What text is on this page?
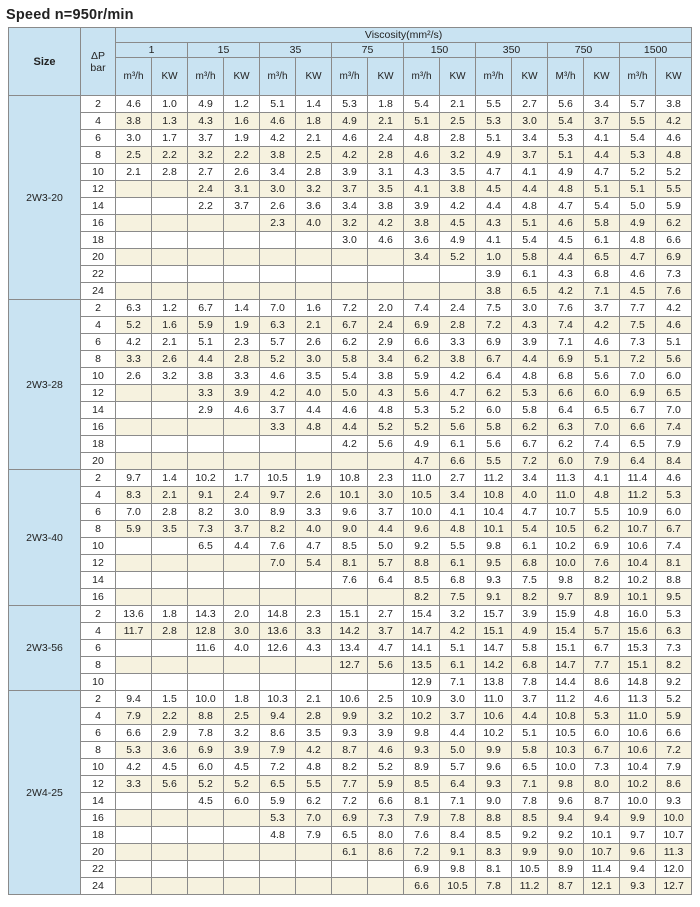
Speed n=950r/min
Size	ΔP
bar	Viscosity(mm²/s)															
		1		15		35		75		150		350		750		1500	
		m³/h	KW	m³/h	KW	m³/h	KW	m³/h	KW	m³/h	KW	m³/h	KW	M³/h	KW	m³/h	KW
2W3-20	2	4.6	1.0	4.9	1.2	5.1	1.4	5.3	1.8	5.4	2.1	5.5	2.7	5.6	3.4	5.7	3.8
	4	3.8	1.3	4.3	1.6	4.6	1.8	4.9	2.1	5.1	2.5	5.3	3.0	5.4	3.7	5.5	4.2
	6	3.0	1.7	3.7	1.9	4.2	2.1	4.6	2.4	4.8	2.8	5.1	3.4	5.3	4.1	5.4	4.6
	8	2.5	2.2	3.2	2.2	3.8	2.5	4.2	2.8	4.6	3.2	4.9	3.7	5.1	4.4	5.3	4.8
	10	2.1	2.8	2.7	2.6	3.4	2.8	3.9	3.1	4.3	3.5	4.7	4.1	4.9	4.7	5.2	5.2
	12			2.4	3.1	3.0	3.2	3.7	3.5	4.1	3.8	4.5	4.4	4.8	5.1	5.1	5.5
	14			2.2	3.7	2.6	3.6	3.4	3.8	3.9	4.2	4.4	4.8	4.7	5.4	5.0	5.9
	16					2.3	4.0	3.2	4.2	3.8	4.5	4.3	5.1	4.6	5.8	4.9	6.2
	18							3.0	4.6	3.6	4.9	4.1	5.4	4.5	6.1	4.8	6.6
	20									3.4	5.2	1.0	5.8	4.4	6.5	4.7	6.9
	22											3.9	6.1	4.3	6.8	4.6	7.3
	24											3.8	6.5	4.2	7.1	4.5	7.6
2W3-28	2	6.3	1.2	6.7	1.4	7.0	1.6	7.2	2.0	7.4	2.4	7.5	3.0	7.6	3.7	7.7	4.2
	4	5.2	1.6	5.9	1.9	6.3	2.1	6.7	2.4	6.9	2.8	7.2	4.3	7.4	4.2	7.5	4.6
	6	4.2	2.1	5.1	2.3	5.7	2.6	6.2	2.9	6.6	3.3	6.9	3.9	7.1	4.6	7.3	5.1
	8	3.3	2.6	4.4	2.8	5.2	3.0	5.8	3.4	6.2	3.8	6.7	4.4	6.9	5.1	7.2	5.6
	10	2.6	3.2	3.8	3.3	4.6	3.5	5.4	3.8	5.9	4.2	6.4	4.8	6.8	5.6	7.0	6.0
	12			3.3	3.9	4.2	4.0	5.0	4.3	5.6	4.7	6.2	5.3	6.6	6.0	6.9	6.5
	14			2.9	4.6	3.7	4.4	4.6	4.8	5.3	5.2	6.0	5.8	6.4	6.5	6.7	7.0
	16					3.3	4.8	4.4	5.2	5.2	5.6	5.8	6.2	6.3	7.0	6.6	7.4
	18							4.2	5.6	4.9	6.1	5.6	6.7	6.2	7.4	6.5	7.9
	20									4.7	6.6	5.5	7.2	6.0	7.9	6.4	8.4
2W3-40	2	9.7	1.4	10.2	1.7	10.5	1.9	10.8	2.3	11.0	2.7	11.2	3.4	11.3	4.1	11.4	4.6
	4	8.3	2.1	9.1	2.4	9.7	2.6	10.1	3.0	10.5	3.4	10.8	4.0	11.0	4.8	11.2	5.3
	6	7.0	2.8	8.2	3.0	8.9	3.3	9.6	3.7	10.0	4.1	10.4	4.7	10.7	5.5	10.9	6.0
	8	5.9	3.5	7.3	3.7	8.2	4.0	9.0	4.4	9.6	4.8	10.1	5.4	10.5	6.2	10.7	6.7
	10			6.5	4.4	7.6	4.7	8.5	5.0	9.2	5.5	9.8	6.1	10.2	6.9	10.6	7.4
	12					7.0	5.4	8.1	5.7	8.8	6.1	9.5	6.8	10.0	7.6	10.4	8.1
	14							7.6	6.4	8.5	6.8	9.3	7.5	9.8	8.2	10.2	8.8
	16									8.2	7.5	9.1	8.2	9.7	8.9	10.1	9.5
2W3-56	2	13.6	1.8	14.3	2.0	14.8	2.3	15.1	2.7	15.4	3.2	15.7	3.9	15.9	4.8	16.0	5.3
	4	11.7	2.8	12.8	3.0	13.6	3.3	14.2	3.7	14.7	4.2	15.1	4.9	15.4	5.7	15.6	6.3
	6			11.6	4.0	12.6	4.3	13.4	4.7	14.1	5.1	14.7	5.8	15.1	6.7	15.3	7.3
	8							12.7	5.6	13.5	6.1	14.2	6.8	14.7	7.7	15.1	8.2
	10									12.9	7.1	13.8	7.8	14.4	8.6	14.8	9.2
2W4-25	2	9.4	1.5	10.0	1.8	10.3	2.1	10.6	2.5	10.9	3.0	11.0	3.7	11.2	4.6	11.3	5.2
	4	7.9	2.2	8.8	2.5	9.4	2.8	9.9	3.2	10.2	3.7	10.6	4.4	10.8	5.3	11.0	5.9
	6	6.6	2.9	7.8	3.2	8.6	3.5	9.3	3.9	9.8	4.4	10.2	5.1	10.5	6.0	10.6	6.6
	8	5.3	3.6	6.9	3.9	7.9	4.2	8.7	4.6	9.3	5.0	9.9	5.8	10.3	6.7	10.6	7.2
	10	4.2	4.5	6.0	4.5	7.2	4.8	8.2	5.2	8.9	5.7	9.6	6.5	10.0	7.3	10.4	7.9
	12	3.3	5.6	5.2	5.2	6.5	5.5	7.7	5.9	8.5	6.4	9.3	7.1	9.8	8.0	10.2	8.6
	14			4.5	6.0	5.9	6.2	7.2	6.6	8.1	7.1	9.0	7.8	9.6	8.7	10.0	9.3
	16					5.3	7.0	6.9	7.3	7.9	7.8	8.8	8.5	9.4	9.4	9.9	10.0
	18					4.8	7.9	6.5	8.0	7.6	8.4	8.5	9.2	9.2	10.1	9.7	10.7
	20							6.1	8.6	7.2	9.1	8.3	9.9	9.0	10.7	9.6	11.3
	22									6.9	9.8	8.1	10.5	8.9	11.4	9.4	12.0
	24									6.6	10.5	7.8	11.2	8.7	12.1	9.3	12.7
